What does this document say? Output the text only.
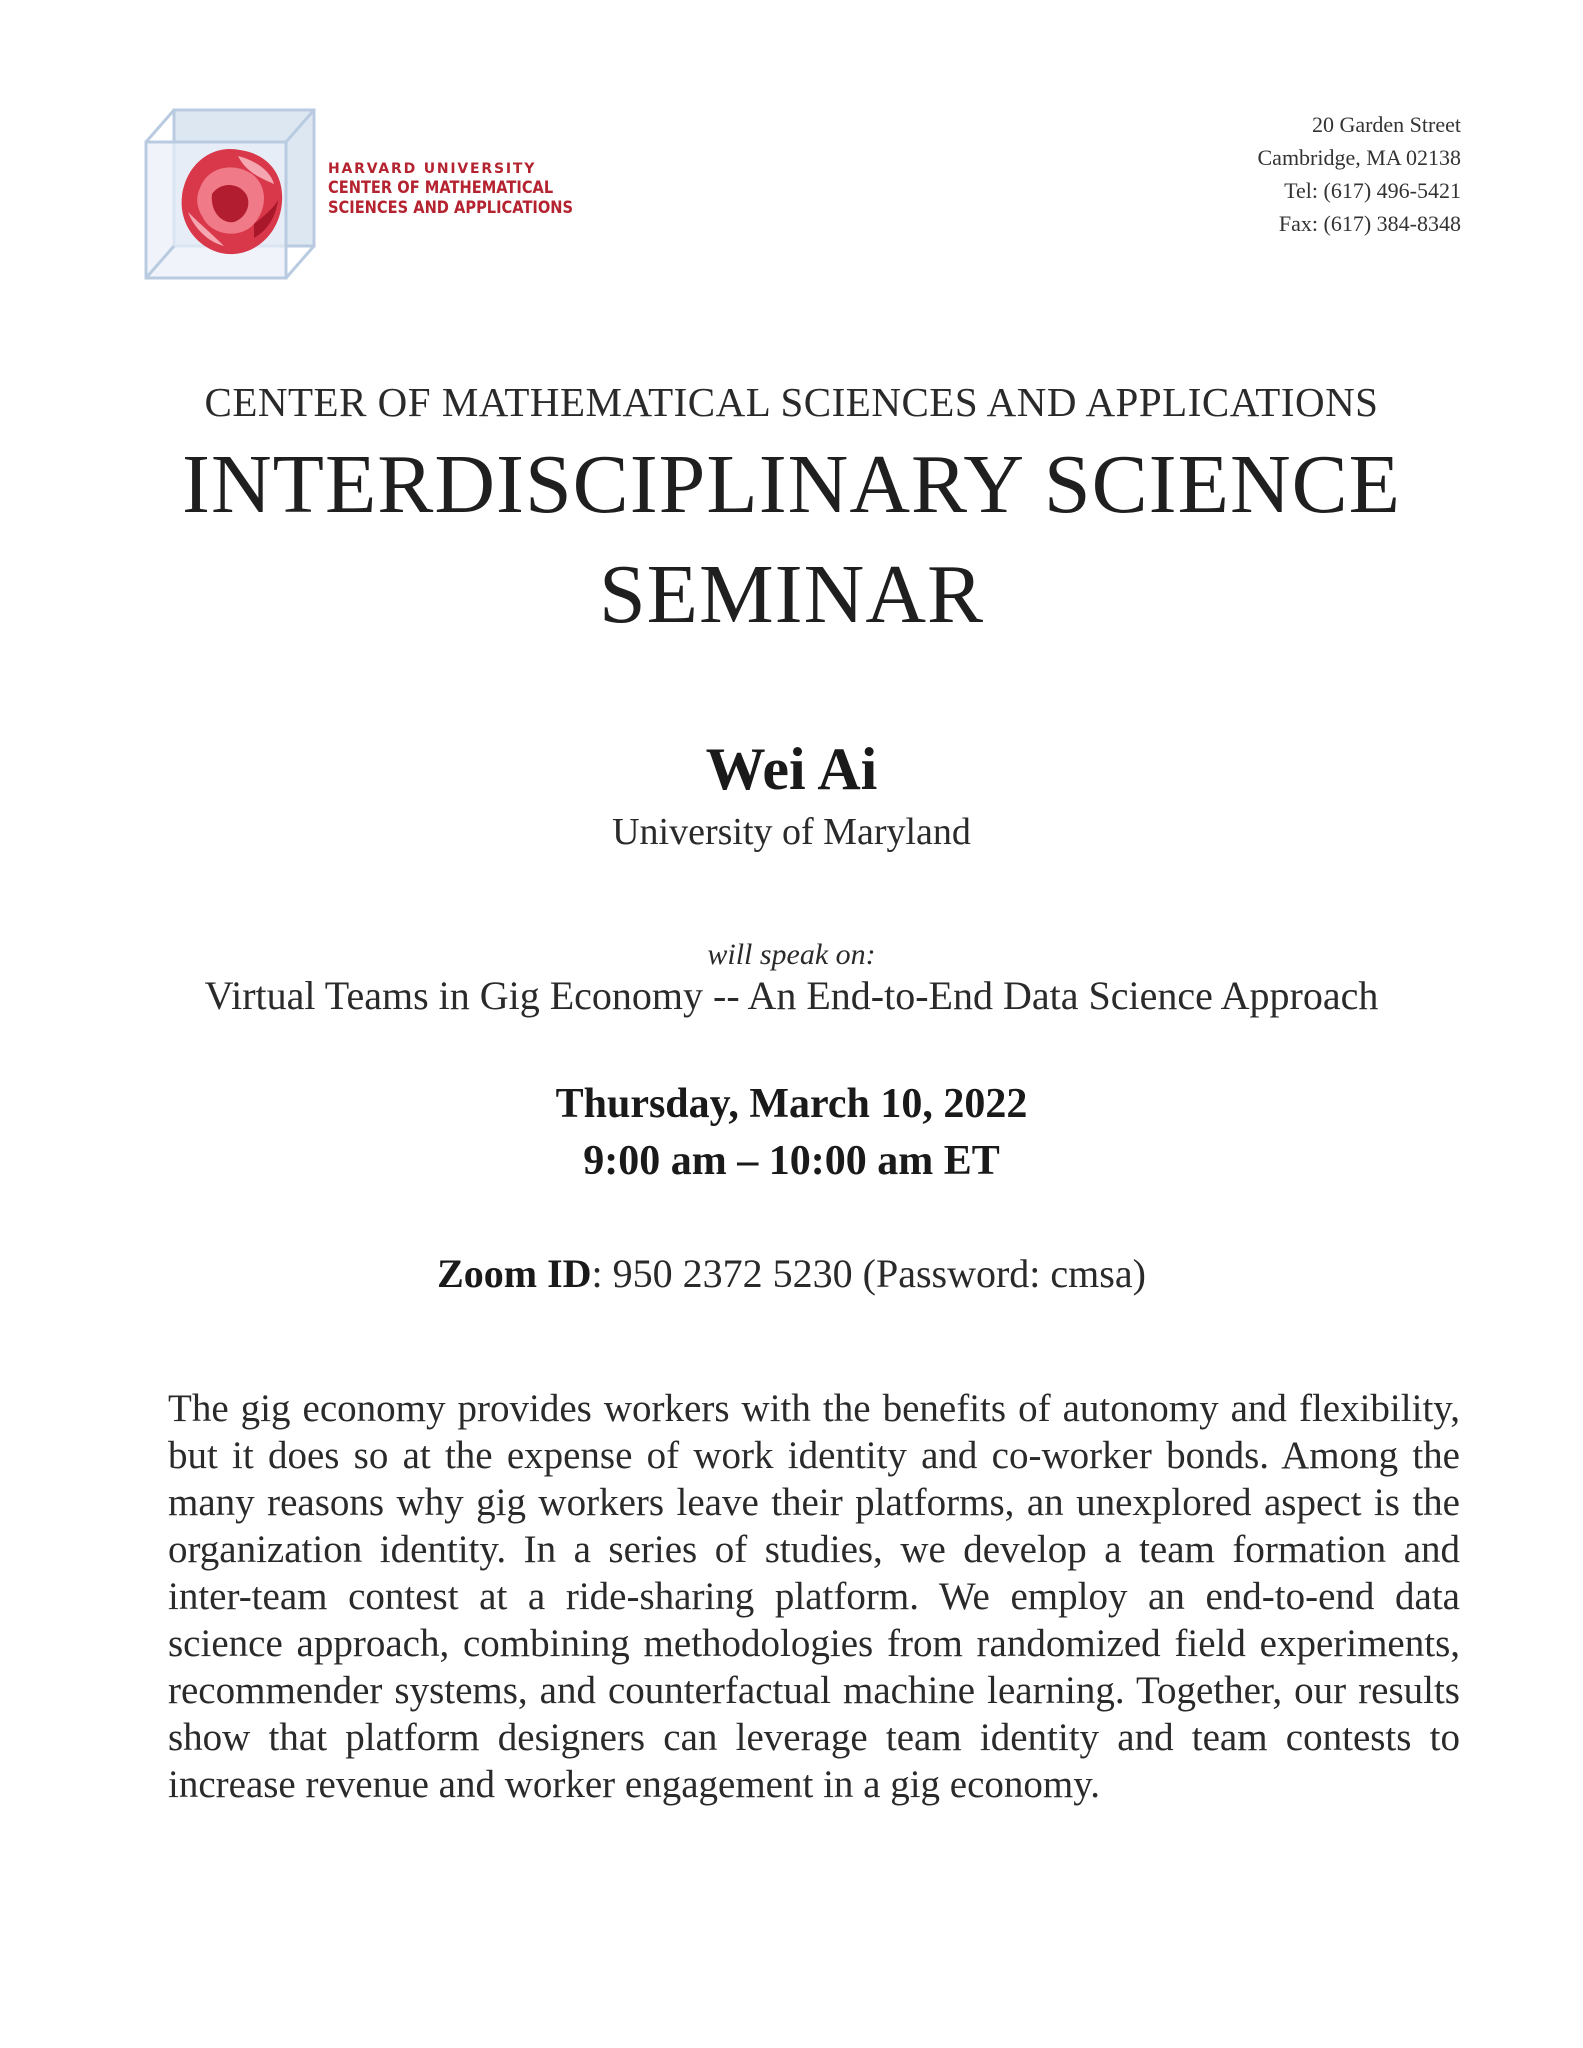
HARVARD UNIVERSITY
CENTER OF MATHEMATICAL
SCIENCES AND APPLICATIONS
20 Garden Street
Cambridge, MA 02138
Tel: (617) 496-5421
Fax: (617) 384-8348
CENTER OF MATHEMATICAL SCIENCES AND APPLICATIONS
INTERDISCIPLINARY SCIENCE
SEMINAR
Wei Ai
University of Maryland
will speak on:
Virtual Teams in Gig Economy -- An End-to-End Data Science Approach
Thursday, March 10, 2022
9:00 am – 10:00 am ET
Zoom ID: 950 2372 5230 (Password: cmsa)
The gig economy provides workers with the benefits of autonomy and flexibility, but it does so at the expense of work identity and co-worker bonds. Among the many reasons why gig workers leave their platforms, an unexplored aspect is the organization identity. In a series of studies, we develop a team formation and inter-team contest at a ride-sharing platform. We employ an end-to-end data science approach, combining methodologies from randomized field experiments, recommender systems, and counterfactual machine learning. Together, our results show that platform designers can leverage team identity and team contests to increase revenue and worker engagement in a gig economy.
